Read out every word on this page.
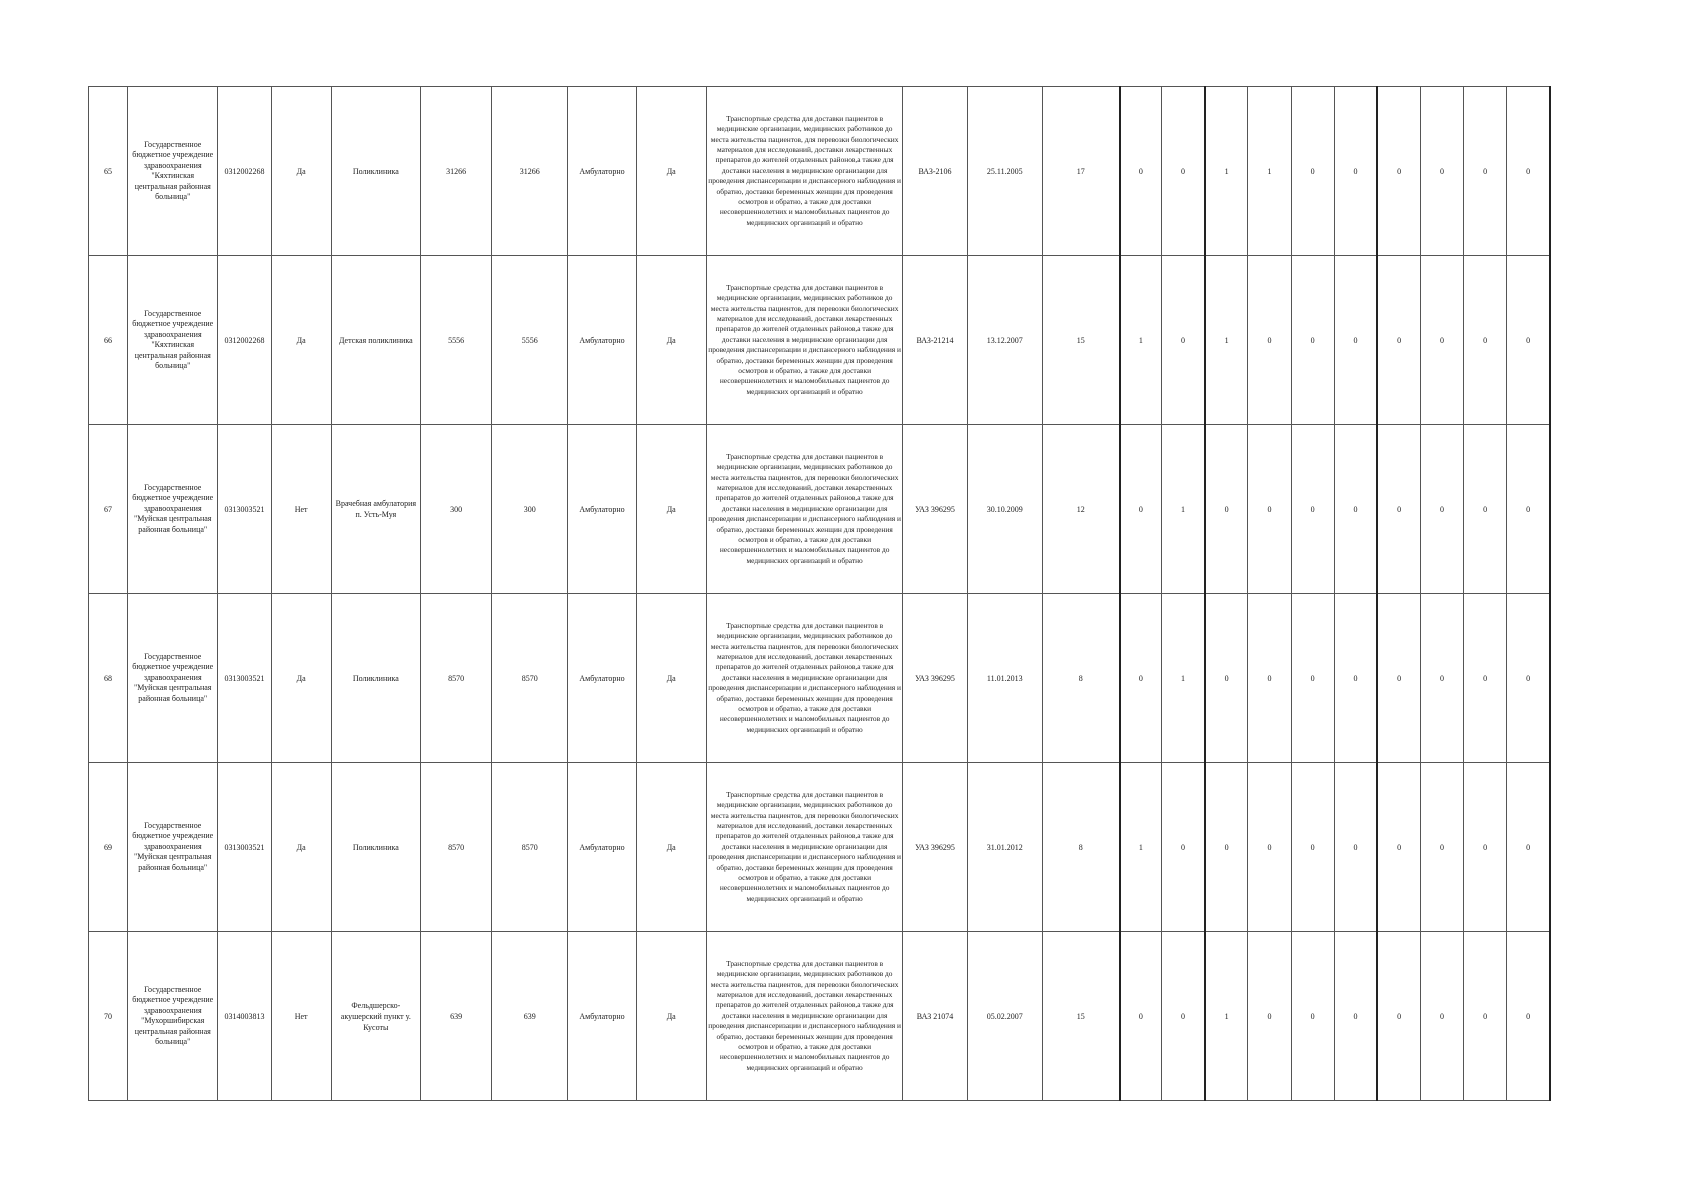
65	Государственное бюджетное учреждение здравоохранения "Кяхтинская центральная районная больница"	0312002268	Да	Поликлиника	31266	31266	Амбулаторно	Да	Транспортные средства для доставки пациентов в медицинские организации, медицинских работников до места жительства пациентов, для перевозки биологических материалов для исследований, доставки лекарственных препаратов до жителей отдаленных районов,а также для доставки населения в медицинские организации для проведения диспансеризации и диспансерного наблюдения и обратно, доставки беременных женщин для проведения осмотров и обратно, а также для доставки несовершеннолетних и маломобильных пациентов до медицинских организаций и обратно	ВАЗ-2106	25.11.2005	17	0	0	1	1	0	0	0	0	0	0
66	Государственное бюджетное учреждение здравоохранения "Кяхтинская центральная районная больница"	0312002268	Да	Детская поликлиника	5556	5556	Амбулаторно	Да	Транспортные средства для доставки пациентов в медицинские организации, медицинских работников до места жительства пациентов, для перевозки биологических материалов для исследований, доставки лекарственных препаратов до жителей отдаленных районов,а также для доставки населения в медицинские организации для проведения диспансеризации и диспансерного наблюдения и обратно, доставки беременных женщин для проведения осмотров и обратно, а также для доставки несовершеннолетних и маломобильных пациентов до медицинских организаций и обратно	ВАЗ-21214	13.12.2007	15	1	0	1	0	0	0	0	0	0	0
67	Государственное бюджетное учреждение здравоохранения "Муйская центральная районная больница"	0313003521	Нет	Врачебная амбулатория п. Усть-Муя	300	300	Амбулаторно	Да	Транспортные средства для доставки пациентов в медицинские организации, медицинских работников до места жительства пациентов, для перевозки биологических материалов для исследований, доставки лекарственных препаратов до жителей отдаленных районов,а также для доставки населения в медицинские организации для проведения диспансеризации и диспансерного наблюдения и обратно, доставки беременных женщин для проведения осмотров и обратно, а также для доставки несовершеннолетних и маломобильных пациентов до медицинских организаций и обратно	УАЗ 396295	30.10.2009	12	0	1	0	0	0	0	0	0	0	0
68	Государственное бюджетное учреждение здравоохранения "Муйская центральная районная больница"	0313003521	Да	Поликлиника	8570	8570	Амбулаторно	Да	Транспортные средства для доставки пациентов в медицинские организации, медицинских работников до места жительства пациентов, для перевозки биологических материалов для исследований, доставки лекарственных препаратов до жителей отдаленных районов,а также для доставки населения в медицинские организации для проведения диспансеризации и диспансерного наблюдения и обратно, доставки беременных женщин для проведения осмотров и обратно, а также для доставки несовершеннолетних и маломобильных пациентов до медицинских организаций и обратно	УАЗ 396295	11.01.2013	8	0	1	0	0	0	0	0	0	0	0
69	Государственное бюджетное учреждение здравоохранения "Муйская центральная районная больница"	0313003521	Да	Поликлиника	8570	8570	Амбулаторно	Да	Транспортные средства для доставки пациентов в медицинские организации, медицинских работников до места жительства пациентов, для перевозки биологических материалов для исследований, доставки лекарственных препаратов до жителей отдаленных районов,а также для доставки населения в медицинские организации для проведения диспансеризации и диспансерного наблюдения и обратно, доставки беременных женщин для проведения осмотров и обратно, а также для доставки несовершеннолетних и маломобильных пациентов до медицинских организаций и обратно	УАЗ 396295	31.01.2012	8	1	0	0	0	0	0	0	0	0	0
70	Государственное бюджетное учреждение здравоохранения "Мухоршибирская центральная районная больница"	0314003813	Нет	Фельдшерско-акушерский пункт у. Кусоты	639	639	Амбулаторно	Да	Транспортные средства для доставки пациентов в медицинские организации, медицинских работников до места жительства пациентов, для перевозки биологических материалов для исследований, доставки лекарственных препаратов до жителей отдаленных районов,а также для доставки населения в медицинские организации для проведения диспансеризации и диспансерного наблюдения и обратно, доставки беременных женщин для проведения осмотров и обратно, а также для доставки несовершеннолетних и маломобильных пациентов до медицинских организаций и обратно	ВАЗ 21074	05.02.2007	15	0	0	1	0	0	0	0	0	0	0
